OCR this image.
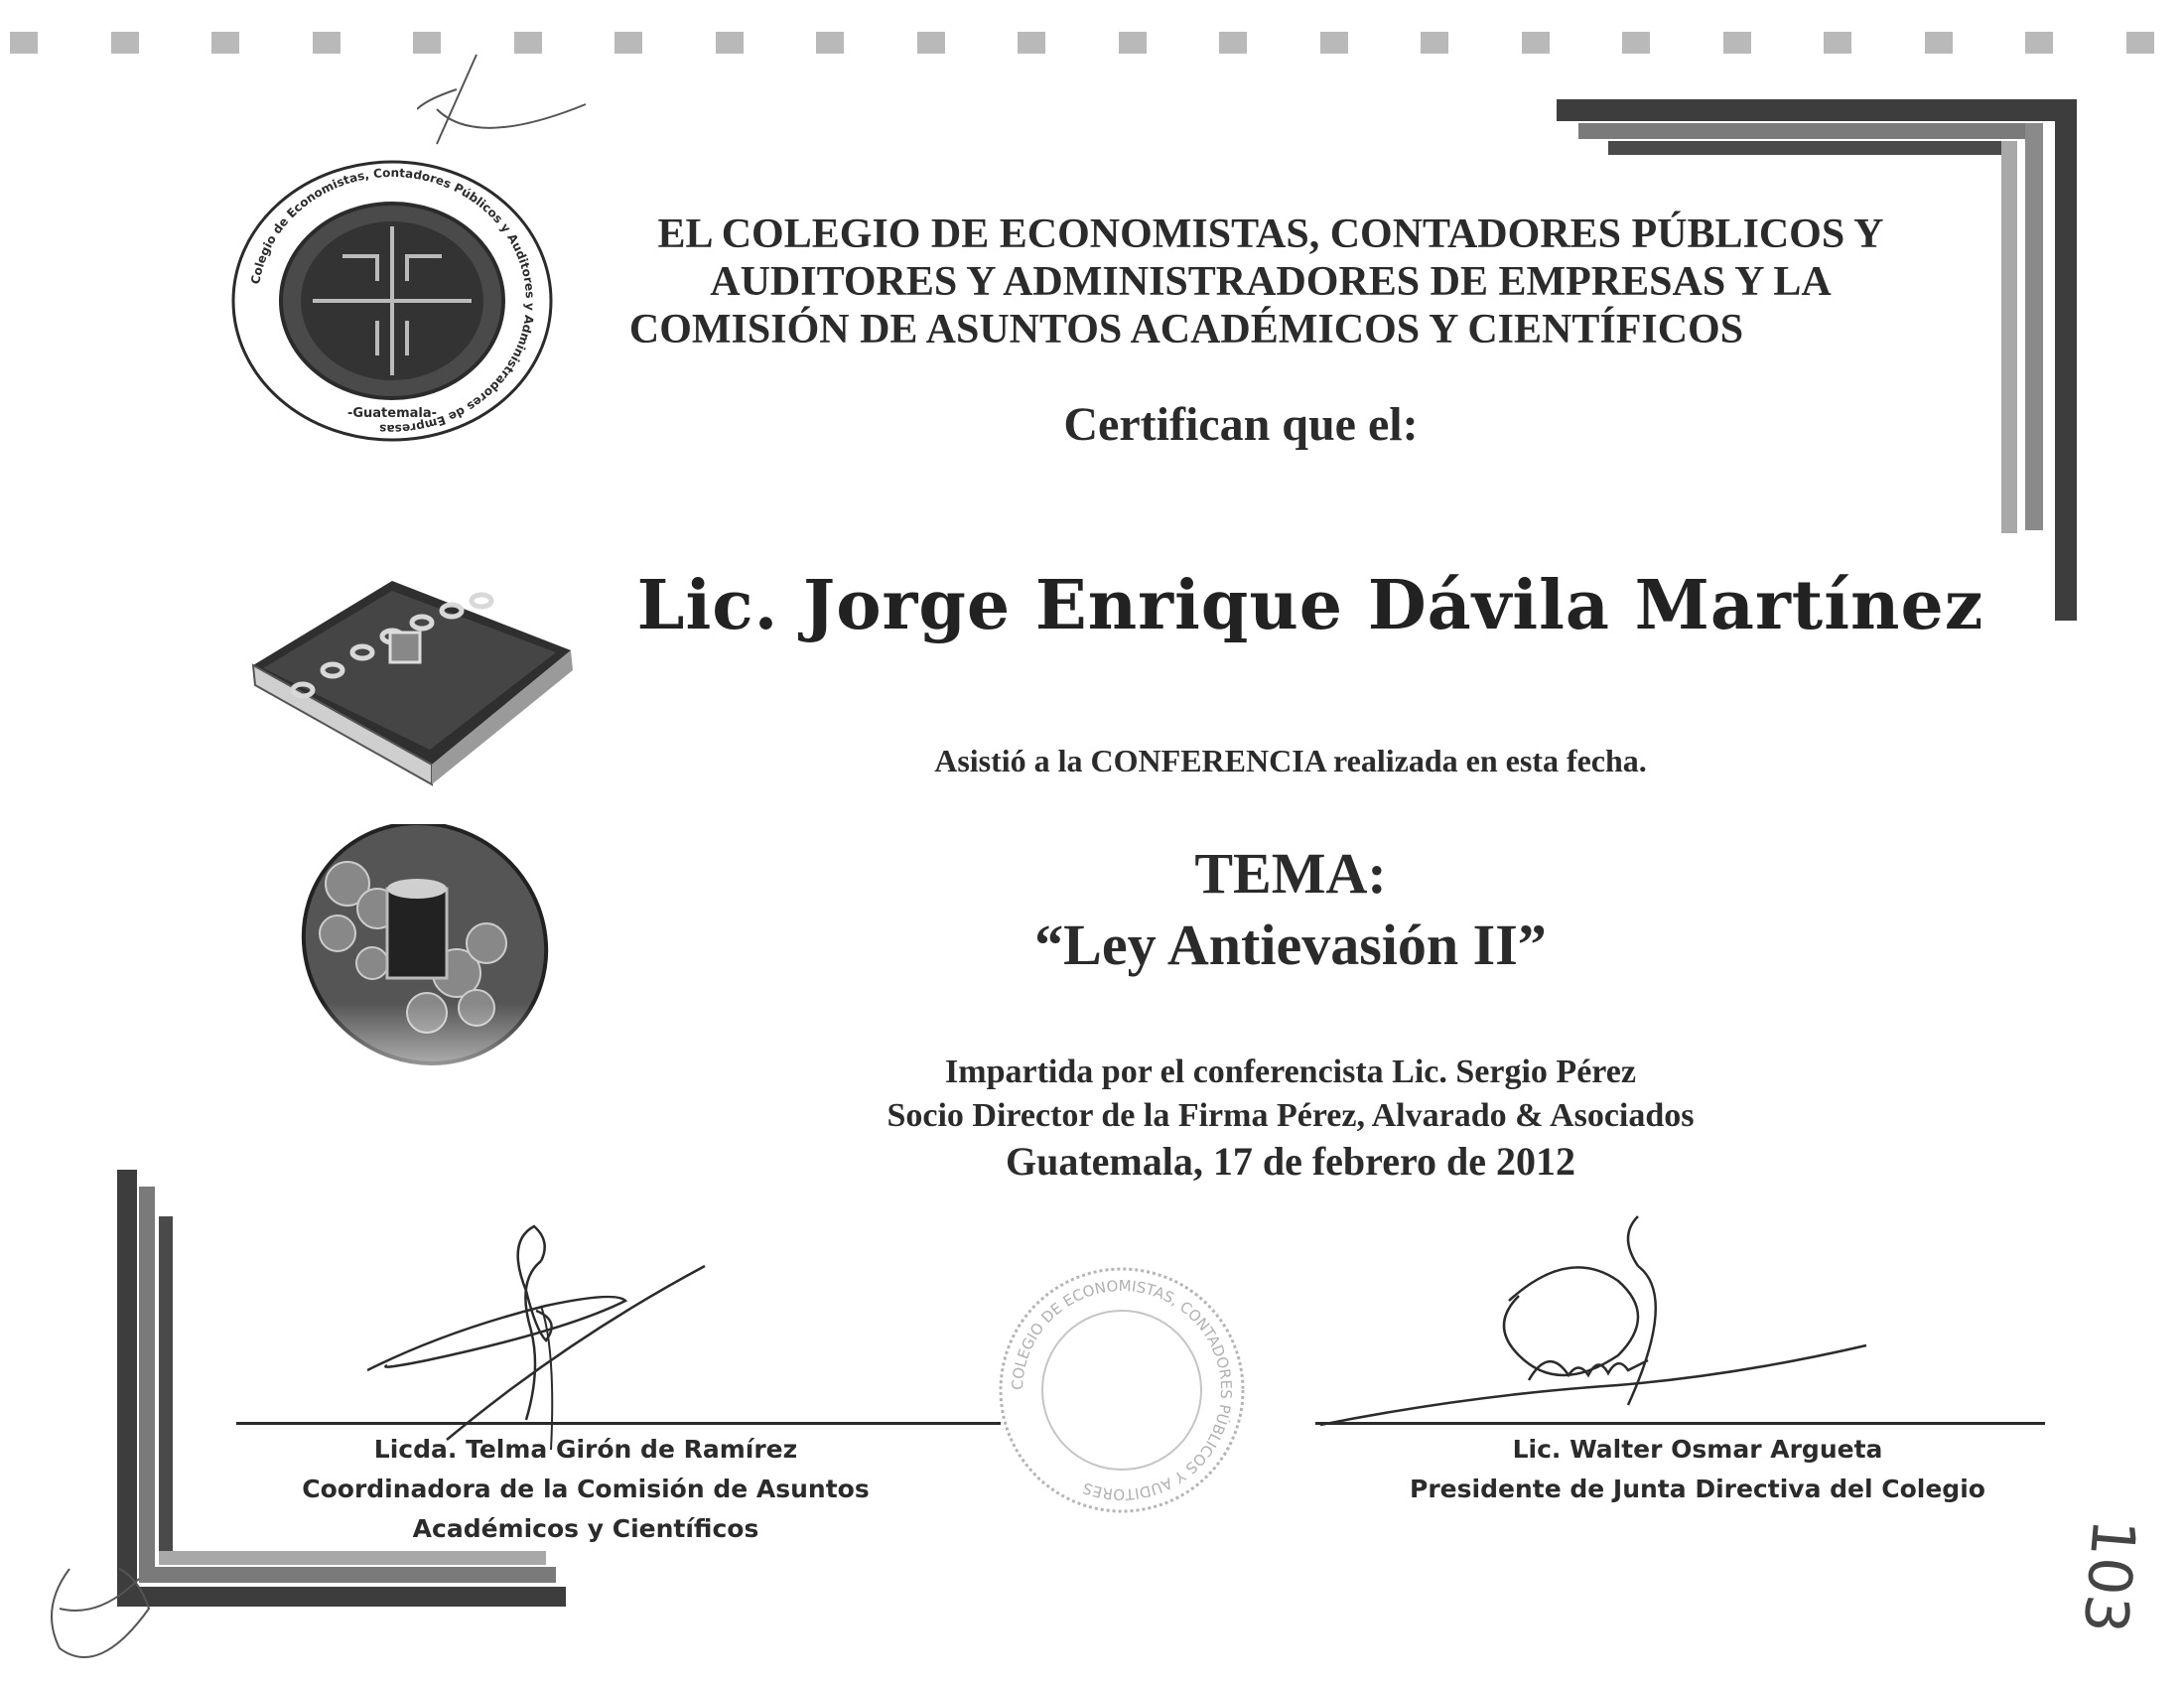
Colegio de Economistas, Contadores Públicos y Auditores y Administradores de Empresas
-Guatemala-
EL COLEGIO DE ECONOMISTAS, CONTADORES PÚBLICOS Y
AUDITORES Y ADMINISTRADORES DE EMPRESAS Y LA
COMISIÓN DE ASUNTOS ACADÉMICOS Y CIENTÍFICOS
Certifican que el:
Lic. Jorge Enrique Dávila Martínez
Asistió a la CONFERENCIA realizada en esta fecha.
TEMA:
“Ley Antievasión II”
Impartida por el conferencista Lic. Sergio Pérez
Socio Director de la Firma Pérez, Alvarado & Asociados
Guatemala, 17 de febrero de 2012
COLEGIO DE ECONOMISTAS, CONTADORES PÚBLICOS Y AUDITORES
Licda. Telma Girón de Ramírez
Coordinadora de la Comisión de Asuntos
Académicos y Científicos
Lic. Walter Osmar Argueta
Presidente de Junta Directiva del Colegio
103
